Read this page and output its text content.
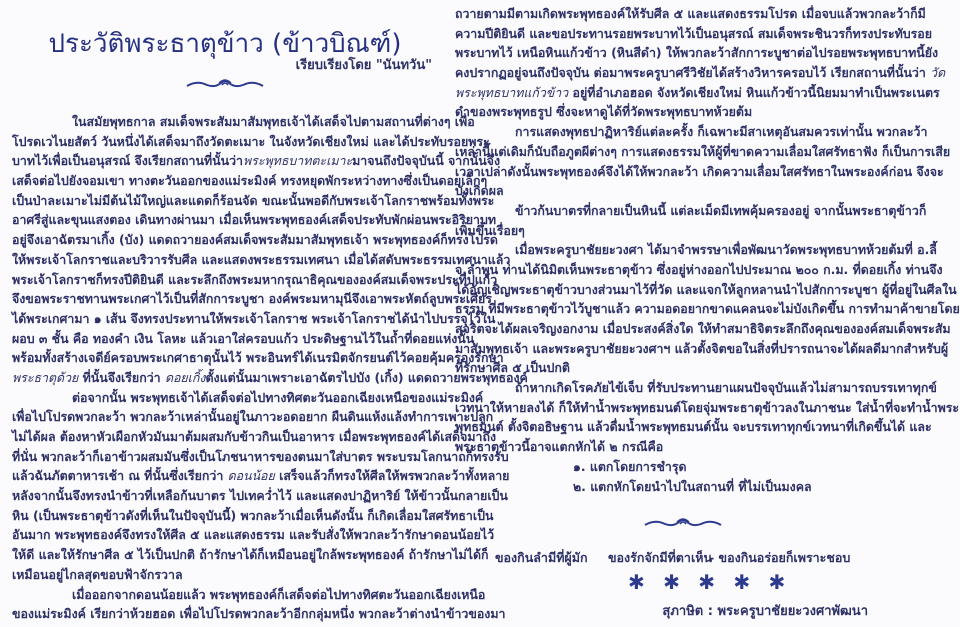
ประวัติพระธาตุข้าว (ข้าวบิณฑ์)
เรียบเรียงโดย "นันทวัน"
ในสมัยพุทธกาล สมเด็จพระสัมมาสัมพุทธเจ้าได้เสด็จไปตามสถานที่ต่างๆ เพื่อ
โปรดเวไนยสัตว์ วันหนึ่งได้เสด็จมาถึงวัดตะเมาะ ในจังหวัดเชียงใหม่ และได้ประทับรอยพระ
บาทไว้เพื่อเป็นอนุสรณ์ จึงเรียกสถานที่นั้นว่าพระพุทธบาทตะเมาะมาจนถึงปัจจุบันนี้ จากนั้นจึง
เสด็จต่อไปยังจอมเขา ทางตะวันออกของแม่ระมิงค์ ทรงหยุดพักระหว่างทางซึ่งเป็นดอยเล็กๆ
เป็นป่าละเมาะไม่มีต้นไม้ใหญ่และแดดก็ร้อนจัด ขณะนั้นพอดีกับพระเจ้าโลกราชพร้อมทั้งพระ
อาศรีสู่และขุนแสงตอง เดินทางผ่านมา เมื่อเห็นพระพุทธองค์เสด็จประทับพักผ่อนพระอิริยาบท
อยู่จึงเอาฉัตรมาเกิ้ง (บัง) แดดถวายองค์สมเด็จพระสัมมาสัมพุทธเจ้า พระพุทธองค์ก็ทรงโปรด
ให้พระเจ้าโลกราชและบริวารรับศีล และแสดงพระธรรมเทศนา เมื่อได้สดับพระธรรมเทศนาแล้ว
พระเจ้าโลกราชก็ทรงปีติยินดี และระลึกถึงพระมหากรุณาธิคุณขององค์สมเด็จพระประทีปแก้ว
จึงขอพระราชทานพระเกศาไว้เป็นที่สักการะบูชา องค์พระมหามุนีจึงเอาพระหัตถ์ลูบพระเศียร
ได้พระเกศามา ๑ เส้น จึงทรงประทานให้พระเจ้าโลกราช พระเจ้าโลกราชได้นำไปบรรจุไว้ใน
ผอบ ๓ ชั้น คือ ทองคำ เงิน โลหะ แล้วเอาใส่ครอบแก้ว ประดิษฐานไว้ในถ้ำที่ดอยแห่งนั้น
พร้อมทั้งสร้างเจดีย์ครอบพระเกศาธาตุนั้นไว้ พระอินทร์ได้เนรมิตจักรยนต์ไว้คอยคุ้มครองรักษา
พระธาตุด้วย ที่นั้นจึงเรียกว่า ดอยเกิ้งตั้งแต่นั้นมาเพราะเอาฉัตรไปบัง (เกิ้ง) แดดถวายพระพุทธองค์
ต่อจากนั้น พระพุทธเจ้าได้เสด็จต่อไปทางทิศตะวันออกเฉียงเหนือของแม่ระมิงค์
เพื่อไปโปรดพวกละว้า พวกละว้าเหล่านั้นอยู่ในภาวะอดอยาก ผืนดินแห้งแล้งทำการเพาะปลูก
ไม่ได้ผล ต้องหาหัวเผือกหัวมันมาต้มผสมกับข้าวกินเป็นอาหาร เมื่อพระพุทธองค์ได้เสด็จมาถึง
ที่นั่น พวกละว้าก็เอาข้าวผสมมันซึ่งเป็นโภชนาหารของตนมาใส่บาตร พระบรมโลกนาถก็ทรงรับ
แล้วฉันภัตตาหารเช้า ณ ที่นั้นซึ่งเรียกว่า ดอนน้อย เสร็จแล้วก็ทรงให้ศีลให้พรพวกละว้าทั้งหลาย
หลังจากนั้นจึงทรงนำข้าวที่เหลือก้นบาตร ไปเทคว่ำไว้ และแสดงปาฏิหาริย์ ให้ข้าวนั้นกลายเป็น
หิน (เป็นพระธาตุข้าวดังที่เห็นในปัจจุบันนี้) พวกละว้าเมื่อเห็นดังนั้น ก็เกิดเลื่อมใสศรัทธาเป็น
อันมาก พระพุทธองค์จึงทรงให้ศีล ๕ และแสดงธรรม และรับสั่งให้พวกละว้ารักษาดอนน้อยไว้
ให้ดี และให้รักษาศีล ๕ ไว้เป็นปกติ ถ้ารักษาได้ก็เหมือนอยู่ใกล้พระพุทธองค์ ถ้ารักษาไม่ได้ก็
เหมือนอยู่ไกลสุดขอบฟ้าจักรวาล
เมื่อออกจากดอนน้อยแล้ว พระพุทธองค์ก็เสด็จต่อไปทางทิศตะวันออกเฉียงเหนือ
ของแม่ระมิงค์ เรียกว่าห้วยฮอด เพื่อไปโปรดพวกละว้าอีกกลุ่มหนึ่ง พวกละว้าต่างนำข้าวของมา
ถวายตามมีตามเกิดพระพุทธองค์ให้รับศีล ๕ และแสดงธรรมโปรด เมื่อจบแล้วพวกละว้าก็มี
ความปีติยินดี และขอประทานรอยพระบาทไว้เป็นอนุสรณ์ สมเด็จพระชินวรก็ทรงประทับรอย
พระบาทไว้ เหนือหินแก้วข้าว (หินสีดำ) ให้พวกละว้าสักการะบูชาต่อไปรอยพระพุทธบาทนี้ยัง
คงปรากฏอยู่จนถึงปัจจุบัน ต่อมาพระครูบาศรีวิชัยได้สร้างวิหารครอบไว้ เรียกสถานที่นั้นว่า วัด
พระพุทธบาทแก้วข้าว อยู่ที่อำเภอฮอด จังหวัดเชียงใหม่ หินแก้วข้าวนี้นิยมมาทำเป็นพระเนตร
ดำของพระพุทธรูป ซึ่งจะหาดูได้ที่วัดพระพุทธบาทห้วยต้ม
การแสดงพุทธปาฏิหาริย์แต่ละครั้ง ก็เฉพาะมีสาเหตุอันสมควรเท่านั้น พวกละว้า
เหล่านี้แต่เดิมก็นับถือภูตผีต่างๆ การแสดงธรรมให้ผู้ที่ขาดความเลื่อมใสศรัทธาฟัง ก็เป็นการเสีย
เวลาเปล่าดังนั้นพระพุทธองค์จึงได้ให้พวกละว้า เกิดความเลื่อมใสศรัทธาในพระองค์ก่อน จึงจะ
บังเกิดผล
ข้าวก้นบาตรที่กลายเป็นหินนี้ แต่ละเม็ดมีเทพคุ้มครองอยู่ จากนั้นพระธาตุข้าวก็
เพิ่มขึ้นเรื่อยๆ
เมื่อพระครูบาชัยยะวงศา ได้มาจำพรรษาเพื่อพัฒนาวัดพระพุทธบาทห้วยต้มที่ อ.ลี้
จ.ลำพูน ท่านได้นิมิตเห็นพระธาตุข้าว ซึ่งอยู่ห่างออกไปประมาณ ๒๐๐ ก.ม. ที่ดอยเกิ้ง ท่านจึง
ได้อัญเชิญพระธาตุข้าวบางส่วนมาไว้ที่วัด และแจกให้ลูกหลานนำไปสักการะบูชา ผู้ที่อยู่ในศีลใน
ธรรม ที่มีพระธาตุข้าวไว้บูชาแล้ว ความอดอยากขาดแคลนจะไม่บังเกิดขึ้น การทำมาค้าขายโดย
สุจริตจะได้ผลเจริญงอกงาม เมื่อประสงค์สิ่งใด ให้ทำสมาธิจิตระลึกถึงคุณขององค์สมเด็จพระสัม
มาสัมพุทธเจ้า และพระครูบาชัยยะวงศาฯ แล้วตั้งจิตขอในสิ่งที่ปรารถนาจะได้ผลดีมากสำหรับผู้
ที่รักษาศีล ๕ เป็นปกติ
ถ้าหากเกิดโรคภัยไข้เจ็บ ที่รับประทานยาแผนปัจจุบันแล้วไม่สามารถบรรเทาทุกข์
เวทนาให้หายลงได้ ก็ให้ทำน้ำพระพุทธมนต์โดยจุ่มพระธาตุข้าวลงในภาชนะ ใส่น้ำที่จะทำน้ำพระ
พุทธมนต์ ตั้งจิตอธิษฐาน แล้วดื่มน้ำพระพุทธมนต์นั้น จะบรรเทาทุกข์เวทนาที่เกิดขึ้นได้ และ
พระธาตุข้าวนี้อาจแตกหักได้ ๒ กรณีคือ
๑. แตกโดยการชำรุด
๒. แตกหักโดยนำไปในสถานที่ ที่ไม่เป็นมงคล
ของกินลำมีที่ผู้มัก ของรักจักมีที่ตาเห็น
- ของกินอร่อยก็เพราะชอบ
✱ ✱ ✱ ✱ ✱
สุภาษิต : พระครูบาชัยยะวงศาพัฒนา
